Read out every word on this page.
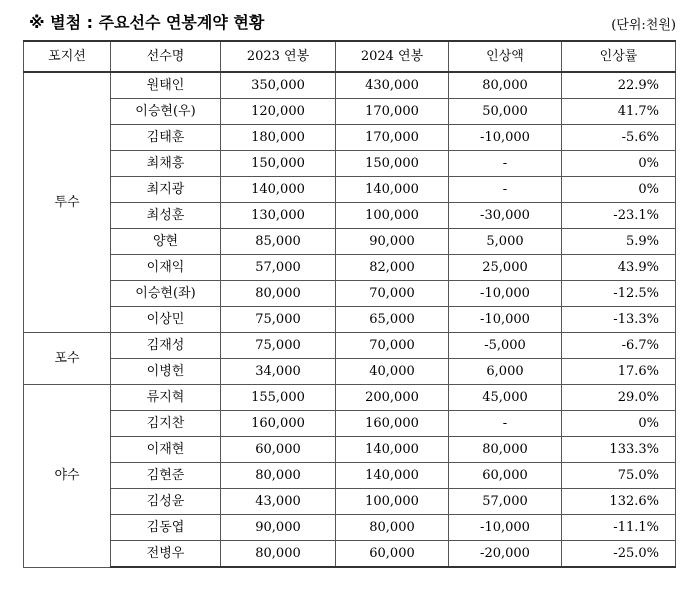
※ 별첨 : 주요선수 연봉계약 현황	(단위:천원)
포지션	선수명	2023 연봉	2024 연봉	인상액	인상률
투수	원태인	350,000	430,000	80,000	22.9%
	이승현(우)	120,000	170,000	50,000	41.7%
	김태훈	180,000	170,000	-10,000	-5.6%
	최채흥	150,000	150,000	-	0%
	최지광	140,000	140,000	-	0%
	최성훈	130,000	100,000	-30,000	-23.1%
	양현	85,000	90,000	5,000	5.9%
	이재익	57,000	82,000	25,000	43.9%
	이승현(좌)	80,000	70,000	-10,000	-12.5%
	이상민	75,000	65,000	-10,000	-13.3%
포수	김재성	75,000	70,000	-5,000	-6.7%
	이병헌	34,000	40,000	6,000	17.6%
야수	류지혁	155,000	200,000	45,000	29.0%
	김지찬	160,000	160,000	-	0%
	이재현	60,000	140,000	80,000	133.3%
	김현준	80,000	140,000	60,000	75.0%
	김성윤	43,000	100,000	57,000	132.6%
	김동엽	90,000	80,000	-10,000	-11.1%
	전병우	80,000	60,000	-20,000	-25.0%
